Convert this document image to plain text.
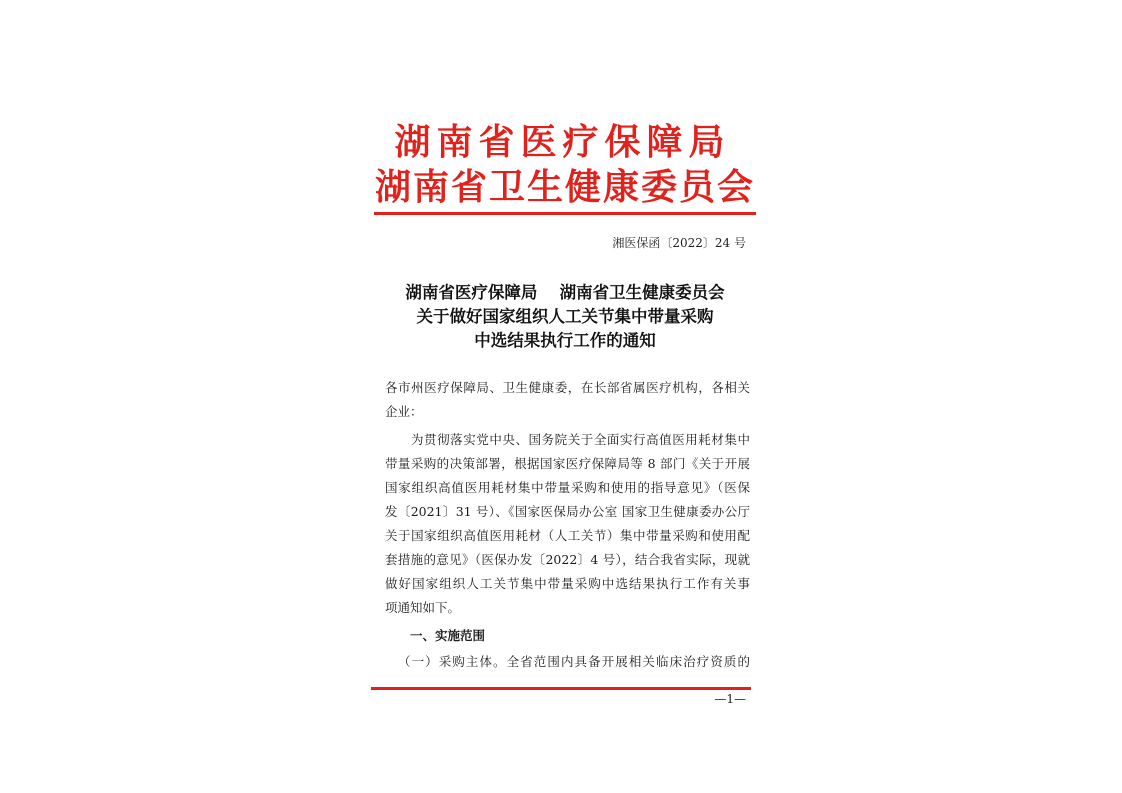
湖南省医疗保障局
湖南省卫生健康委员会
湘医保函〔2022〕24 号
湖南省医疗保障局　 湖南省卫生健康委员会
关于做好国家组织人工关节集中带量采购
中选结果执行工作的通知
各市州医疗保障局、卫生健康委，在长部省属医疗机构，各相关
企业：
为贯彻落实党中央、国务院关于全面实行高值医用耗材集中
带量采购的决策部署，根据国家医疗保障局等 8 部门《关于开展
国家组织高值医用耗材集中带量采购和使用的指导意见》（医保
发〔2021〕31 号）、《国家医保局办公室 国家卫生健康委办公厅
关于国家组织高值医用耗材（人工关节）集中带量采购和使用配
套措施的意见》（医保办发〔2022〕4 号），结合我省实际，现就
做好国家组织人工关节集中带量采购中选结果执行工作有关事
项通知如下。
一、实施范围
（一）采购主体。全省范围内具备开展相关临床治疗资质的
—1—
